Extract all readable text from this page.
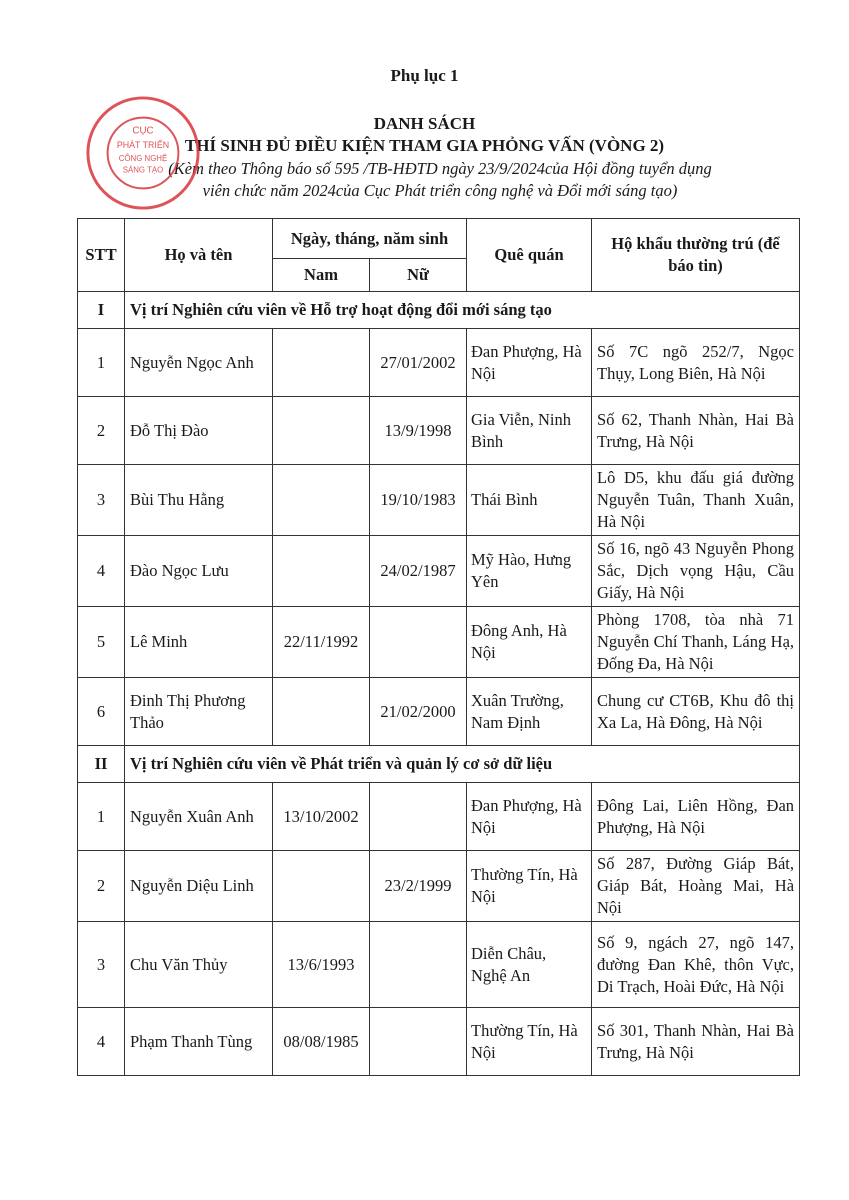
Phụ lục 1
DANH SÁCH
THÍ SINH ĐỦ ĐIỀU KIỆN THAM GIA PHỎNG VẤN (VÒNG 2)
(Kèm theo Thông báo số 595 /TB-HĐTD ngày 23/9/2024của Hội đồng tuyển dụng
viên chức năm 2024của Cục Phát triển công nghệ và Đổi mới sáng tạo)
CỤC
PHÁT TRIỂN
CÔNG NGHỆ
SÁNG TẠO
STT	Họ và tên	Ngày, tháng, năm sinh		Quê quán	Hộ khẩu thường trú (để báo tin)
		Nam	Nữ		
I	Vị trí Nghiên cứu viên về Hỗ trợ hoạt động đổi mới sáng tạo				
1	Nguyễn Ngọc Anh		27/01/2002	Đan Phượng, Hà Nội	Số 7C ngõ 252/7, Ngọc Thụy, Long Biên, Hà Nội
2	Đỗ Thị Đào		13/9/1998	Gia Viễn, Ninh Bình	Số 62, Thanh Nhàn, Hai Bà Trưng, Hà Nội
3	Bùi Thu Hằng		19/10/1983	Thái Bình	Lô D5, khu đấu giá đường Nguyễn Tuân, Thanh Xuân, Hà Nội
4	Đào Ngọc Lưu		24/02/1987	Mỹ Hào, Hưng Yên	Số 16, ngõ 43 Nguyễn Phong Sắc, Dịch vọng Hậu, Cầu Giấy, Hà Nội
5	Lê Minh	22/11/1992		Đông Anh, Hà Nội	Phòng 1708, tòa nhà 71 Nguyễn Chí Thanh, Láng Hạ, Đống Đa, Hà Nội
6	Đinh Thị Phương Thảo		21/02/2000	Xuân Trường, Nam Định	Chung cư CT6B, Khu đô thị Xa La, Hà Đông, Hà Nội
II	Vị trí Nghiên cứu viên về Phát triển và quản lý cơ sở dữ liệu				
1	Nguyễn Xuân Anh	13/10/2002		Đan Phượng, Hà Nội	Đông Lai, Liên Hồng, Đan Phượng, Hà Nội
2	Nguyễn Diệu Linh		23/2/1999	Thường Tín, Hà Nội	Số 287, Đường Giáp Bát, Giáp Bát, Hoàng Mai, Hà Nội
3	Chu Văn Thủy	13/6/1993		Diễn Châu, Nghệ An	Số 9, ngách 27, ngõ 147, đường Đan Khê, thôn Vực, Di Trạch, Hoài Đức, Hà Nội
4	Phạm Thanh Tùng	08/08/1985		Thường Tín, Hà Nội	Số 301, Thanh Nhàn, Hai Bà Trưng, Hà Nội
